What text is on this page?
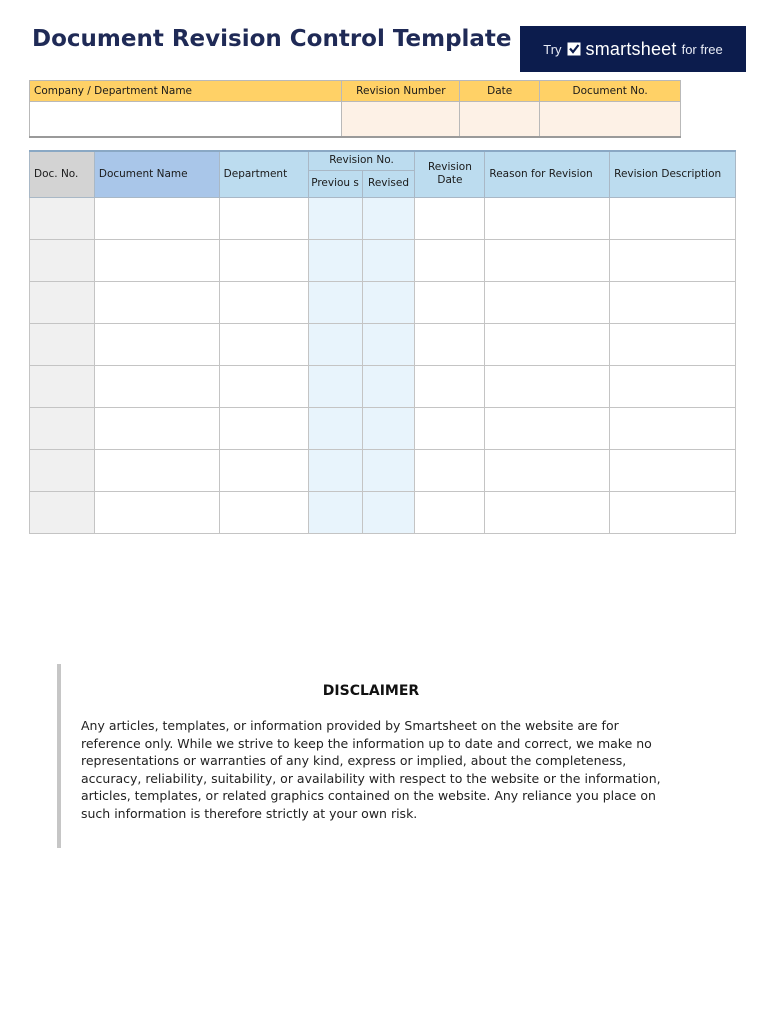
Document Revision Control Template Try smartsheet for free
Company / Department Name	Revision Number	Date	Document No.

Doc. No.	Document Name	Department	Revision No.		Revision Date	Reason for Revision	Revision Description
			Previou s	Revised			

DISCLAIMER

Any articles, templates, or information provided by Smartsheet on the website are for reference only. While we strive to keep the information up to date and correct, we make no representations or warranties of any kind, express or implied, about the completeness, accuracy, reliability, suitability, or availability with respect to the website or the information, articles, templates, or related graphics contained on the website. Any reliance you place on such information is therefore strictly at your own risk.
